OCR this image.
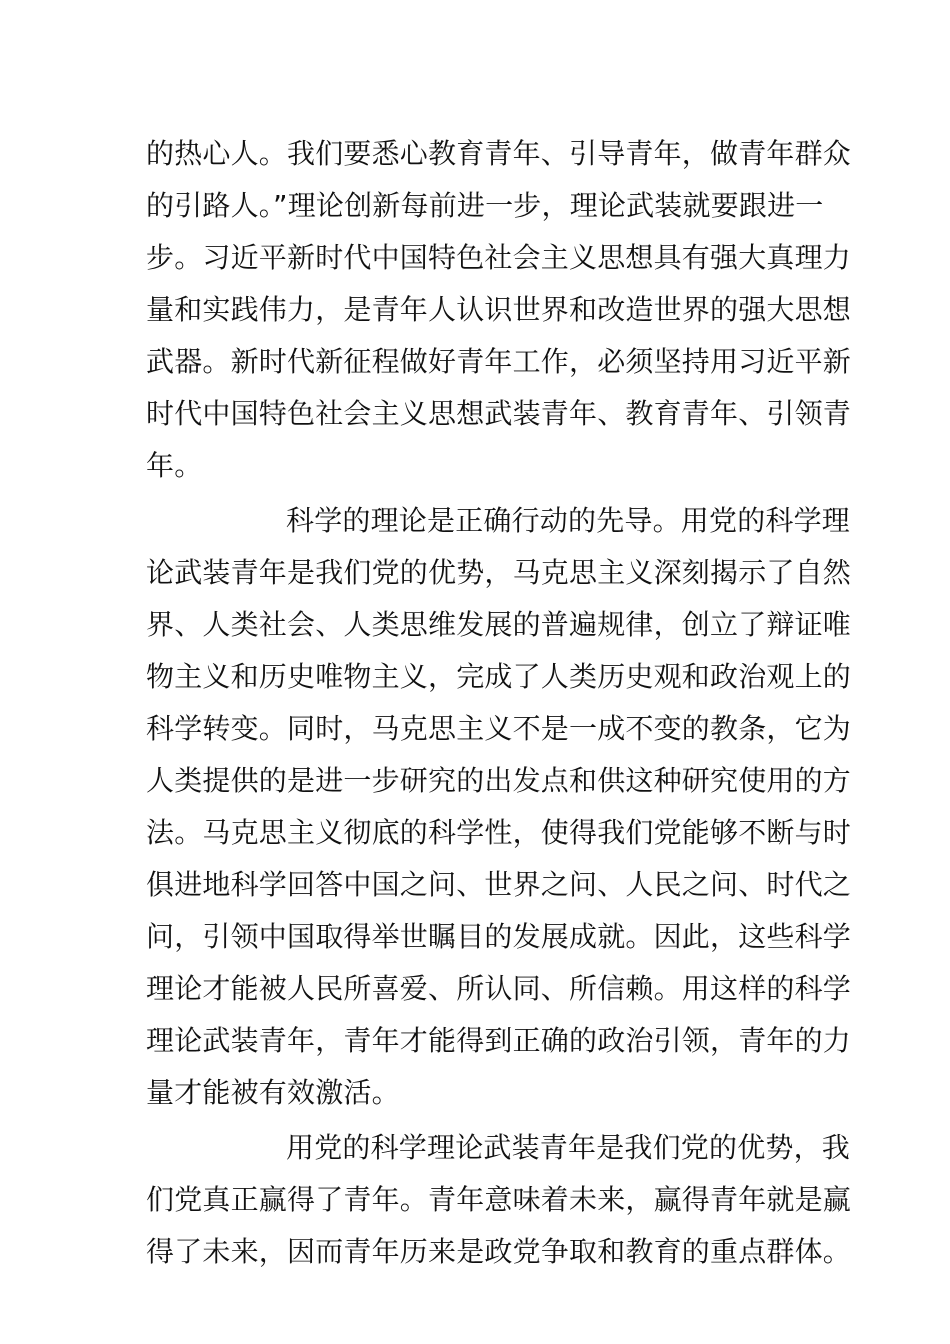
的热心人。我们要悉心教育青年、引导青年，做青年群众
的引路人。”理论创新每前进一步，理论武装就要跟进一
步。习近平新时代中国特色社会主义思想具有强大真理力
量和实践伟力，是青年人认识世界和改造世界的强大思想
武器。新时代新征程做好青年工作，必须坚持用习近平新
时代中国特色社会主义思想武装青年、教育青年、引领青
年。
科学的理论是正确行动的先导。用党的科学理
论武装青年是我们党的优势，马克思主义深刻揭示了自然
界、人类社会、人类思维发展的普遍规律，创立了辩证唯
物主义和历史唯物主义，完成了人类历史观和政治观上的
科学转变。同时，马克思主义不是一成不变的教条，它为
人类提供的是进一步研究的出发点和供这种研究使用的方
法。马克思主义彻底的科学性，使得我们党能够不断与时
俱进地科学回答中国之问、世界之问、人民之问、时代之
问，引领中国取得举世瞩目的发展成就。因此，这些科学
理论才能被人民所喜爱、所认同、所信赖。用这样的科学
理论武装青年，青年才能得到正确的政治引领，青年的力
量才能被有效激活。
用党的科学理论武装青年是我们党的优势，我
们党真正赢得了青年。青年意味着未来，赢得青年就是赢
得了未来，因而青年历来是政党争取和教育的重点群体。
